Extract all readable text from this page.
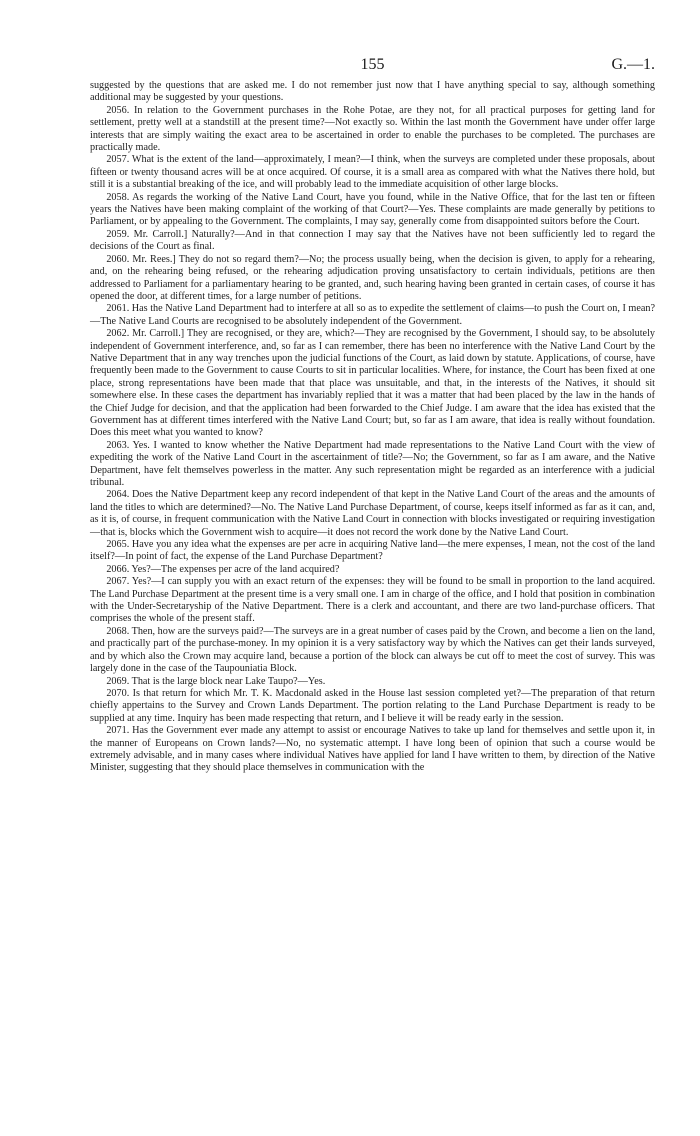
155	G.—1.

suggested by the questions that are asked me. I do not remember just now that I have anything special to say, although something additional may be suggested by your questions.

2056. In relation to the Government purchases in the Rohe Potae, are they not, for all practical purposes for getting land for settlement, pretty well at a standstill at the present time?—Not exactly so. Within the last month the Government have under offer large interests that are simply waiting the exact area to be ascertained in order to enable the purchases to be completed. The purchases are practically made.

2057. What is the extent of the land—approximately, I mean?—I think, when the surveys are completed under these proposals, about fifteen or twenty thousand acres will be at once acquired. Of course, it is a small area as compared with what the Natives there hold, but still it is a substantial breaking of the ice, and will probably lead to the immediate acquisition of other large blocks.

2058. As regards the working of the Native Land Court, have you found, while in the Native Office, that for the last ten or fifteen years the Natives have been making complaint of the working of that Court?—Yes. These complaints are made generally by petitions to Parliament, or by appealing to the Government. The complaints, I may say, generally come from disappointed suitors before the Court.

2059. Mr. Carroll.] Naturally?—And in that connection I may say that the Natives have not been sufficiently led to regard the decisions of the Court as final.

2060. Mr. Rees.] They do not so regard them?—No; the process usually being, when the decision is given, to apply for a rehearing, and, on the rehearing being refused, or the rehearing adjudication proving unsatisfactory to certain individuals, petitions are then addressed to Parliament for a parliamentary hearing to be granted, and, such hearing having been granted in certain cases, of course it has opened the door, at different times, for a large number of petitions.

2061. Has the Native Land Department had to interfere at all so as to expedite the settlement of claims—to push the Court on, I mean?—The Native Land Courts are recognised to be absolutely independent of the Government.

2062. Mr. Carroll.] They are recognised, or they are, which?—They are recognised by the Government, I should say, to be absolutely independent of Government interference, and, so far as I can remember, there has been no interference with the Native Land Court by the Native Department that in any way trenches upon the judicial functions of the Court, as laid down by statute. Applications, of course, have frequently been made to the Government to cause Courts to sit in particular localities. Where, for instance, the Court has been fixed at one place, strong representations have been made that that place was unsuitable, and that, in the interests of the Natives, it should sit somewhere else. In these cases the department has invariably replied that it was a matter that had been placed by the law in the hands of the Chief Judge for decision, and that the application had been forwarded to the Chief Judge. I am aware that the idea has existed that the Government has at different times interfered with the Native Land Court; but, so far as I am aware, that idea is really without foundation. Does this meet what you wanted to know?

2063. Yes. I wanted to know whether the Native Department had made representations to the Native Land Court with the view of expediting the work of the Native Land Court in the ascertainment of title?—No; the Government, so far as I am aware, and the Native Department, have felt themselves powerless in the matter. Any such representation might be regarded as an interference with a judicial tribunal.

2064. Does the Native Department keep any record independent of that kept in the Native Land Court of the areas and the amounts of land the titles to which are determined?—No. The Native Land Purchase Department, of course, keeps itself informed as far as it can, and, as it is, of course, in frequent communication with the Native Land Court in connection with blocks investigated or requiring investigation—that is, blocks which the Government wish to acquire—it does not record the work done by the Native Land Court.

2065. Have you any idea what the expenses are per acre in acquiring Native land—the mere expenses, I mean, not the cost of the land itself?—In point of fact, the expense of the Land Purchase Department?

2066. Yes?—The expenses per acre of the land acquired?

2067. Yes?—I can supply you with an exact return of the expenses: they will be found to be small in proportion to the land acquired. The Land Purchase Department at the present time is a very small one. I am in charge of the office, and I hold that position in combination with the Under-Secretaryship of the Native Department. There is a clerk and accountant, and there are two land-purchase officers. That comprises the whole of the present staff.

2068. Then, how are the surveys paid?—The surveys are in a great number of cases paid by the Crown, and become a lien on the land, and practically part of the purchase-money. In my opinion it is a very satisfactory way by which the Natives can get their lands surveyed, and by which also the Crown may acquire land, because a portion of the block can always be cut off to meet the cost of survey. This was largely done in the case of the Taupouniatia Block.

2069. That is the large block near Lake Taupo?—Yes.

2070. Is that return for which Mr. T. K. Macdonald asked in the House last session completed yet?—The preparation of that return chiefly appertains to the Survey and Crown Lands Department. The portion relating to the Land Purchase Department is ready to be supplied at any time. Inquiry has been made respecting that return, and I believe it will be ready early in the session.

2071. Has the Government ever made any attempt to assist or encourage Natives to take up land for themselves and settle upon it, in the manner of Europeans on Crown lands?—No, no systematic attempt. I have long been of opinion that such a course would be extremely advisable, and in many cases where individual Natives have applied for land I have written to them, by direction of the Native Minister, suggesting that they should place themselves in communication with the
